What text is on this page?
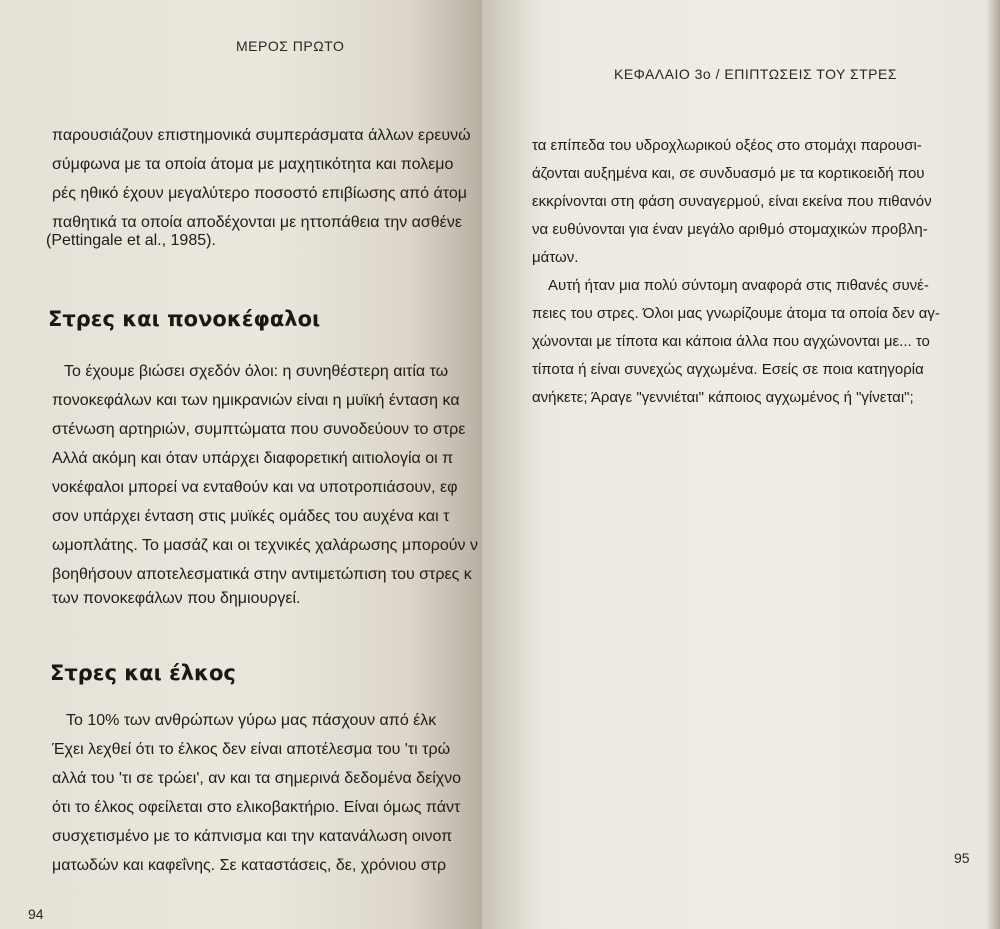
ΜΕΡΟΣ ΠΡΩΤΟ
παρουσιάζουν επιστημονικά συμπεράσματα άλλων ερευνώ
σύμφωνα με τα οποία άτομα με μαχητικότητα και πολεμο
ρές ηθικό έχουν μεγαλύτερο ποσοστό επιβίωσης από άτομ
παθητικά τα οποία αποδέχονται με ηττοπάθεια την ασθένε
(Pettingale et al., 1985).
Στρες και πονοκέφαλοι
Το έχουμε βιώσει σχεδόν όλοι: η συνηθέστερη αιτία τω
πονοκεφάλων και των ημικρανιών είναι η μυϊκή ένταση κα
στένωση αρτηριών, συμπτώματα που συνοδεύουν το στρε
Αλλά ακόμη και όταν υπάρχει διαφορετική αιτιολογία οι π
νοκέφαλοι μπορεί να ενταθούν και να υποτροπιάσουν, εφ
σον υπάρχει ένταση στις μυϊκές ομάδες του αυχένα και τ
ωμοπλάτης. Το μασάζ και οι τεχνικές χαλάρωσης μπορούν ν
βοηθήσουν αποτελεσματικά στην αντιμετώπιση του στρες κ
των πονοκεφάλων που δημιουργεί.
Στρες και έλκος
Το 10% των ανθρώπων γύρω μας πάσχουν από έλκ
Έχει λεχθεί ότι το έλκος δεν είναι αποτέλεσμα του 'τι τρώ
αλλά του 'τι σε τρώει', αν και τα σημερινά δεδομένα δείχνο
ότι το έλκος οφείλεται στο ελικοβακτήριο. Είναι όμως πάντ
συσχετισμένο με το κάπνισμα και την κατανάλωση οινοπ
ματωδών και καφεΐνης. Σε καταστάσεις, δε, χρόνιου στρ
94
ΚΕΦΑΛΑΙΟ 3ο / ΕΠΙΠΤΩΣΕΙΣ ΤΟΥ ΣΤΡΕΣ
τα επίπεδα του υδροχλωρικού οξέος στο στομάχι παρουσι-
άζονται αυξημένα και, σε συνδυασμό με τα κορτικοειδή που
εκκρίνονται στη φάση συναγερμού, είναι εκείνα που πιθανόν
να ευθύνονται για έναν μεγάλο αριθμό στομαχικών προβλη-
μάτων.
Αυτή ήταν μια πολύ σύντομη αναφορά στις πιθανές συνέ-
πειες του στρες. Όλοι μας γνωρίζουμε άτομα τα οποία δεν αγ-
χώνονται με τίποτα και κάποια άλλα που αγχώνονται με... το
τίποτα ή είναι συνεχώς αγχωμένα. Εσείς σε ποια κατηγορία
ανήκετε; Άραγε "γεννιέται" κάποιος αγχωμένος ή "γίνεται";
95
